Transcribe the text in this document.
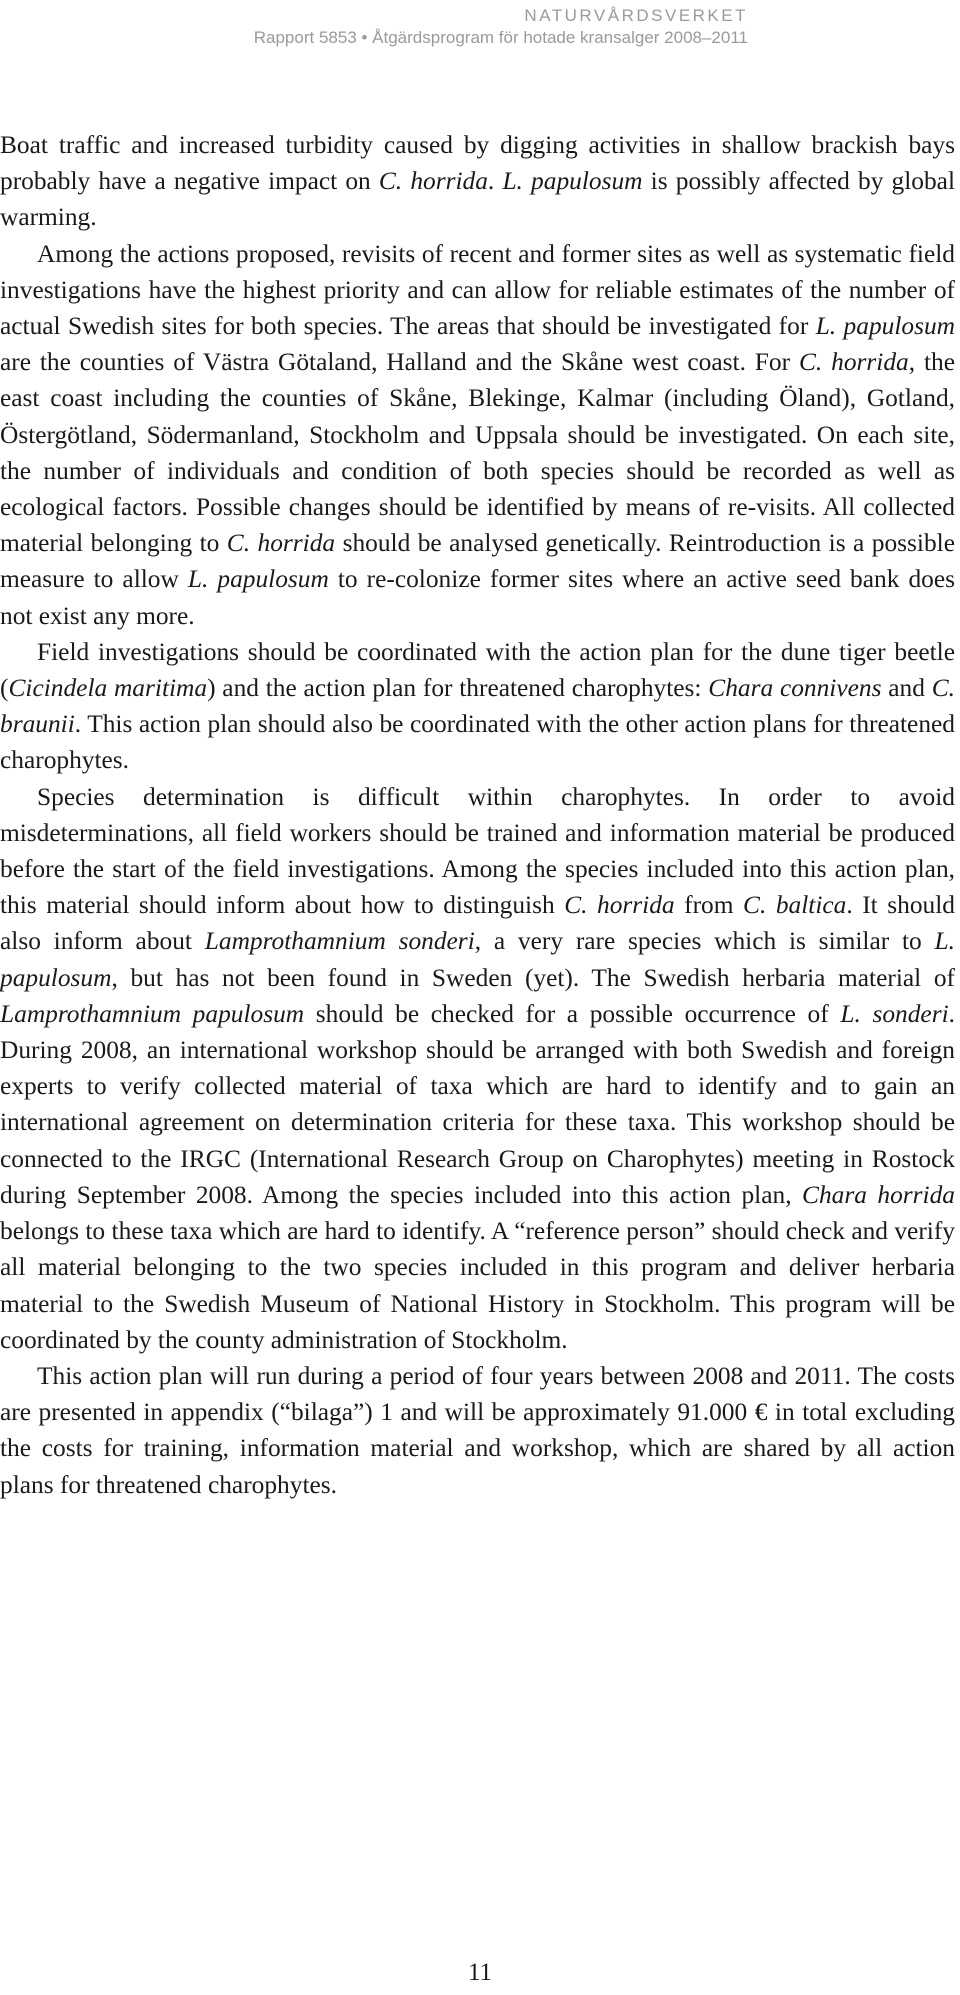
NATURVÅRDSVERKET
Rapport 5853 • Åtgärdsprogram för hotade kransalger 2008–2011

Boat traffic and increased turbidity caused by digging activities in shallow brackish bays probably have a negative impact on C. horrida. L. papulosum is possibly affected by global warming.

Among the actions proposed, revisits of recent and former sites as well as systematic field investigations have the highest priority and can allow for reliable estimates of the number of actual Swedish sites for both species. The areas that should be investigated for L. papulosum are the counties of Västra Götaland, Halland and the Skåne west coast. For C. horrida, the east coast including the counties of Skåne, Blekinge, Kalmar (including Öland), Gotland, Östergötland, Södermanland, Stockholm and Uppsala should be investigated. On each site, the number of individuals and condition of both species should be recorded as well as ecological factors. Possible changes should be identified by means of re-visits. All collected material belonging to C. horrida should be analysed genetically. Reintroduction is a possible measure to allow L. papulosum to re-colonize former sites where an active seed bank does not exist any more.

Field investigations should be coordinated with the action plan for the dune tiger beetle (Cicindela maritima) and the action plan for threatened charophytes: Chara connivens and C. braunii. This action plan should also be coordinated with the other action plans for threatened charophytes.

Species determination is difficult within charophytes. In order to avoid misdeterminations, all field workers should be trained and information material be produced before the start of the field investigations. Among the species included into this action plan, this material should inform about how to distinguish C. horrida from C. baltica. It should also inform about Lamprothamnium sonderi, a very rare species which is similar to L. papulosum, but has not been found in Sweden (yet). The Swedish herbaria material of Lamprothamnium papulosum should be checked for a possible occurrence of L. sonderi. During 2008, an international workshop should be arranged with both Swedish and foreign experts to verify collected material of taxa which are hard to identify and to gain an international agreement on determination criteria for these taxa. This workshop should be connected to the IRGC (International Research Group on Charophytes) meeting in Rostock during September 2008. Among the species included into this action plan, Chara horrida belongs to these taxa which are hard to identify. A “reference person” should check and verify all material belonging to the two species included in this program and deliver herbaria material to the Swedish Museum of National History in Stockholm. This program will be coordinated by the county administration of Stockholm.

This action plan will run during a period of four years between 2008 and 2011. The costs are presented in appendix (“bilaga”) 1 and will be approximately 91.000 € in total excluding the costs for training, information material and workshop, which are shared by all action plans for threatened charophytes.

11
